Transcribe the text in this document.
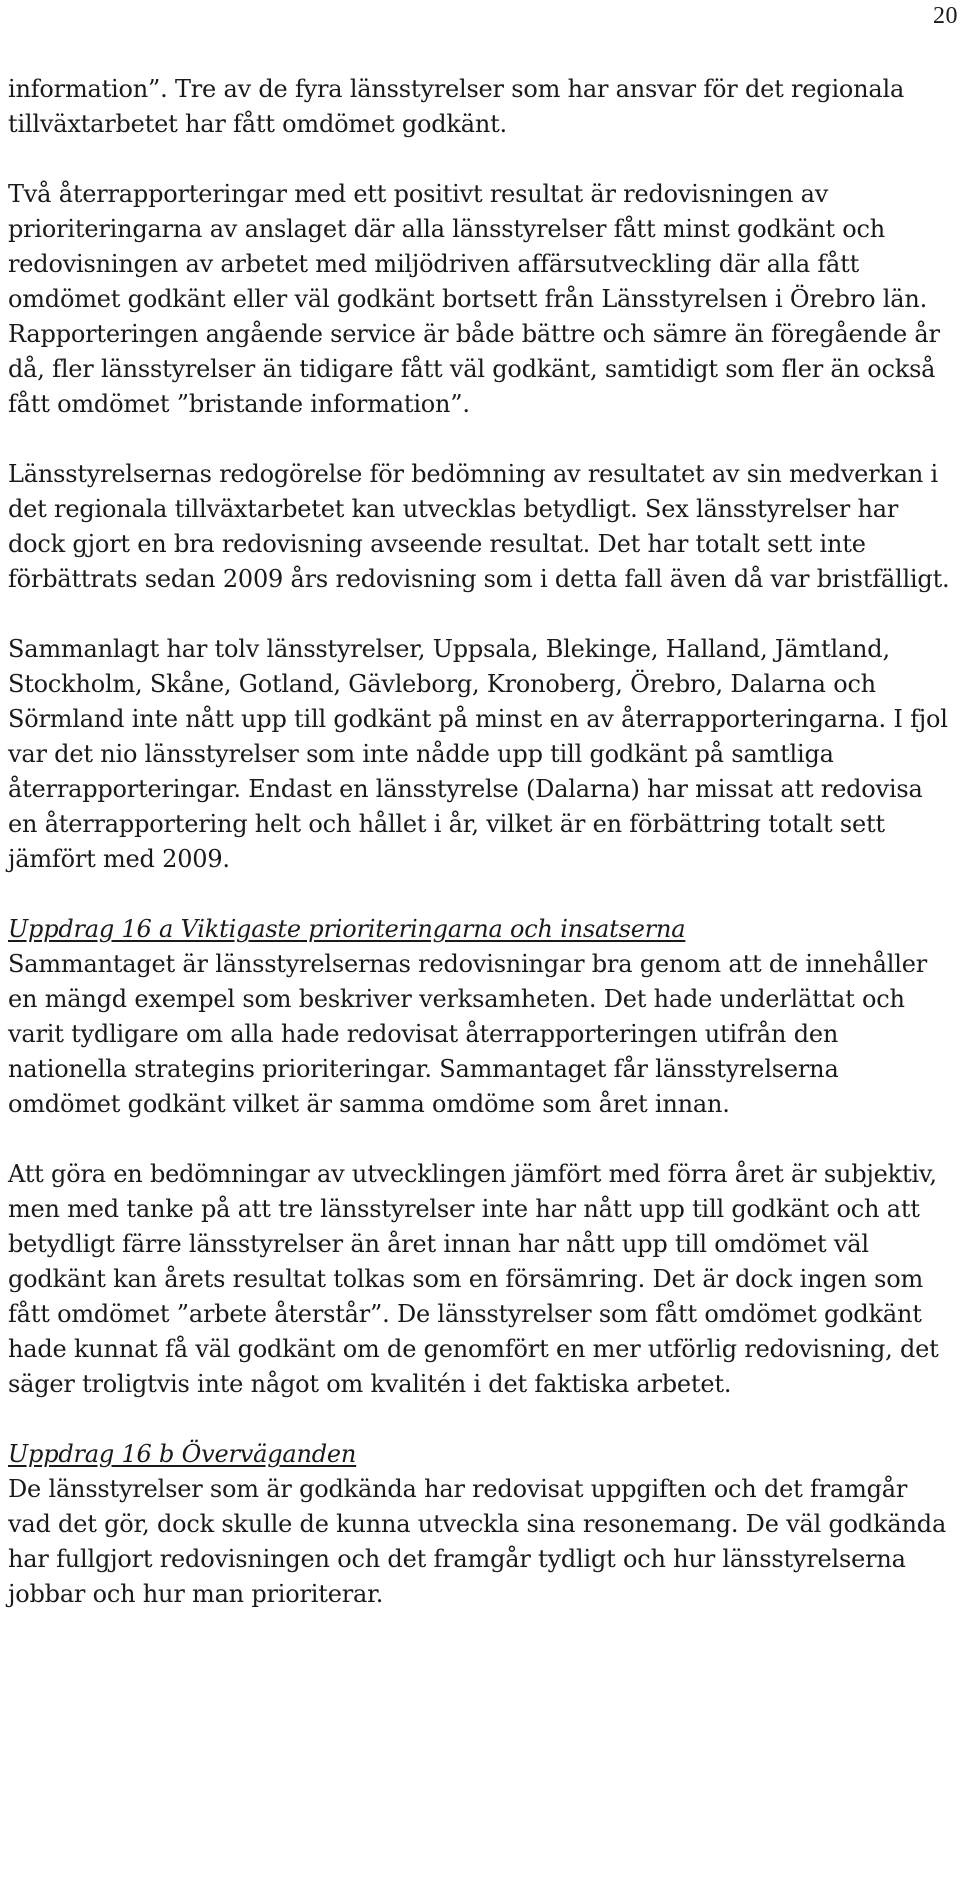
20

information”. Tre av de fyra länsstyrelser som har ansvar för det regionala tillväxtarbetet har fått omdömet godkänt.

Två återrapporteringar med ett positivt resultat är redovisningen av prioriteringarna av anslaget där alla länsstyrelser fått minst godkänt och redovisningen av arbetet med miljödriven affärsutveckling där alla fått omdömet godkänt eller väl godkänt bortsett från Länsstyrelsen i Örebro län. Rapporteringen angående service är både bättre och sämre än föregående år då, fler länsstyrelser än tidigare fått väl godkänt, samtidigt som fler än också fått omdömet ”bristande information”.

Länsstyrelsernas redogörelse för bedömning av resultatet av sin medverkan i det regionala tillväxtarbetet kan utvecklas betydligt. Sex länsstyrelser har dock gjort en bra redovisning avseende resultat. Det har totalt sett inte förbättrats sedan 2009 års redovisning som i detta fall även då var bristfälligt.

Sammanlagt har tolv länsstyrelser, Uppsala, Blekinge, Halland, Jämtland, Stockholm, Skåne, Gotland, Gävleborg, Kronoberg, Örebro, Dalarna och Sörmland inte nått upp till godkänt på minst en av återrapporteringarna. I fjol var det nio länsstyrelser som inte nådde upp till godkänt på samtliga återrapporteringar. Endast en länsstyrelse (Dalarna) har missat att redovisa en återrapportering helt och hållet i år, vilket är en förbättring totalt sett jämfört med 2009.

Uppdrag 16 a Viktigaste prioriteringarna och insatserna

Sammantaget är länsstyrelsernas redovisningar bra genom att de innehåller en mängd exempel som beskriver verksamheten. Det hade underlättat och varit tydligare om alla hade redovisat återrapporteringen utifrån den nationella strategins prioriteringar. Sammantaget får länsstyrelserna omdömet godkänt vilket är samma omdöme som året innan.

Att göra en bedömningar av utvecklingen jämfört med förra året är subjektiv, men med tanke på att tre länsstyrelser inte har nått upp till godkänt och att betydligt färre länsstyrelser än året innan har nått upp till omdömet väl godkänt kan årets resultat tolkas som en försämring. Det är dock ingen som fått omdömet ”arbete återstår”. De länsstyrelser som fått omdömet godkänt hade kunnat få väl godkänt om de genomfört en mer utförlig redovisning, det säger troligtvis inte något om kvalitén i det faktiska arbetet.

Uppdrag 16 b Överväganden

De länsstyrelser som är godkända har redovisat uppgiften och det framgår vad det gör, dock skulle de kunna utveckla sina resonemang. De väl godkända har fullgjort redovisningen och det framgår tydligt och hur länsstyrelserna jobbar och hur man prioriterar.
